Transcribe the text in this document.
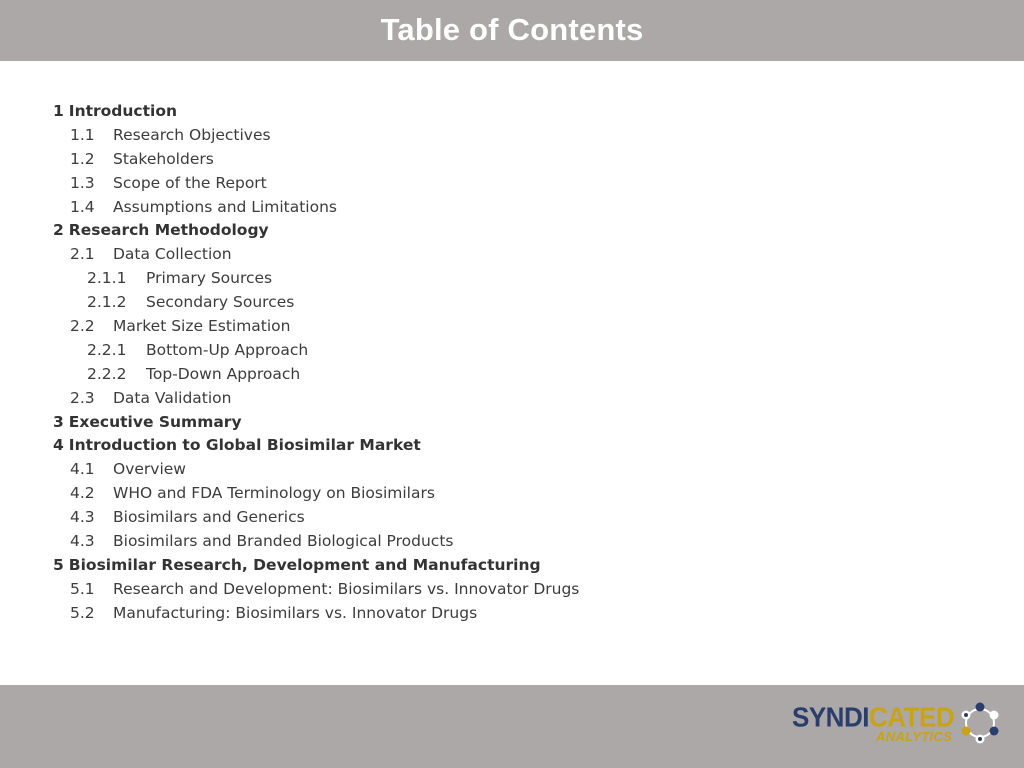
Table of Contents
1 Introduction
1.1	Research Objectives
1.2	Stakeholders
1.3	Scope of the Report
1.4	Assumptions and Limitations
2 Research Methodology
2.1	Data Collection
2.1.1	Primary Sources
2.1.2	Secondary Sources
2.2	Market Size Estimation
2.2.1	Bottom-Up Approach
2.2.2	Top-Down Approach
2.3	Data Validation
3 Executive Summary
4 Introduction to Global Biosimilar Market
4.1	Overview
4.2	WHO and FDA Terminology on Biosimilars
4.3	Biosimilars and Generics
4.3	Biosimilars and Branded Biological Products
5 Biosimilar Research, Development and Manufacturing
5.1	Research and Development: Biosimilars vs. Innovator Drugs
5.2	Manufacturing: Biosimilars vs. Innovator Drugs
SYNDICATED
ANALYTICS
